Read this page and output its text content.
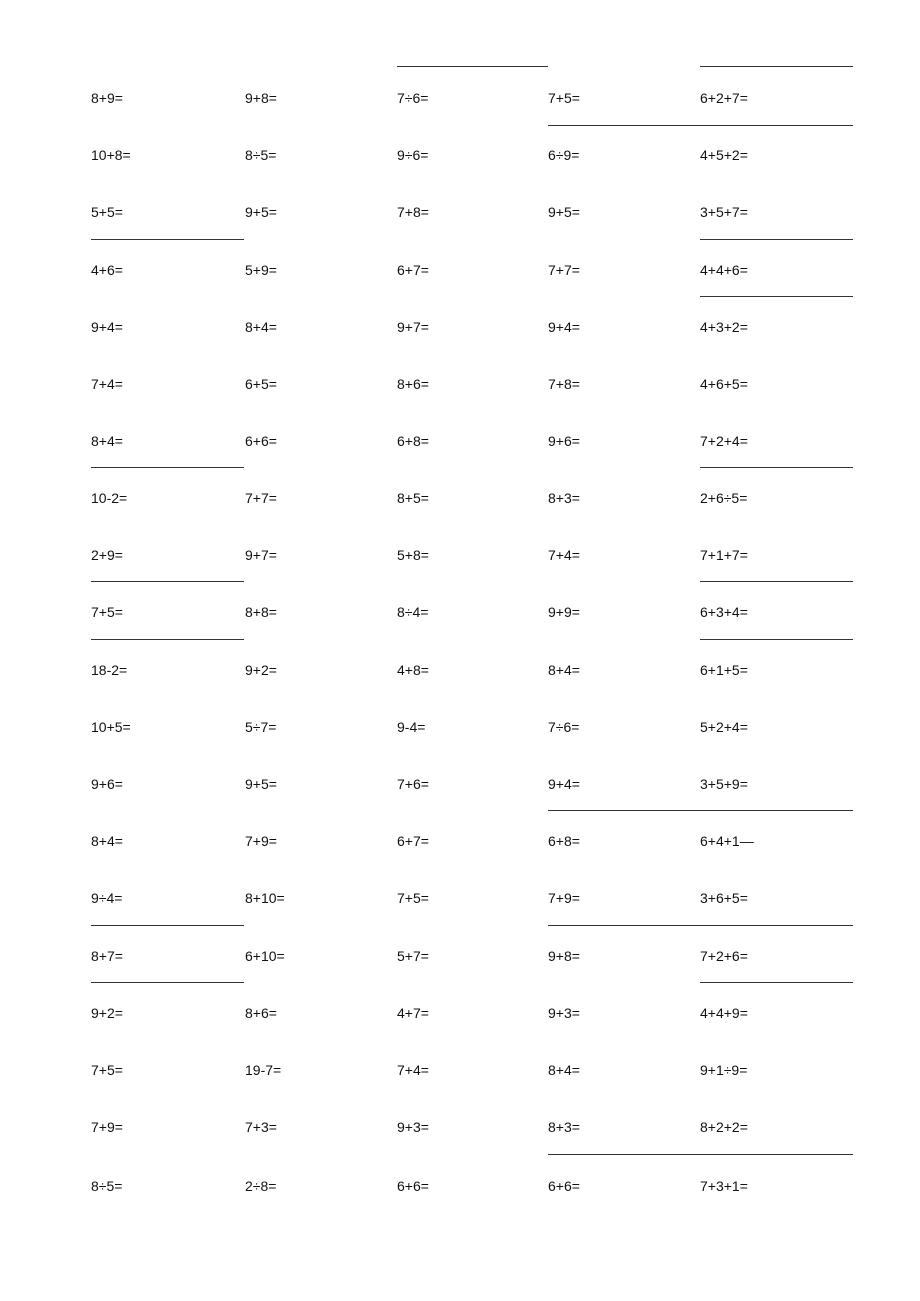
8+9=
10+8=
5+5=
4+6=
9+4=
7+4=
8+4=
10-2=
2+9=
7+5=
18-2=
10+5=
9+6=
8+4=
9÷4=
8+7=
9+2=
7+5=
7+9=
8÷5=
9+8=
8÷5=
9+5=
5+9=
8+4=
6+5=
6+6=
7+7=
9+7=
8+8=
9+2=
5÷7=
9+5=
7+9=
8+10=
6+10=
8+6=
19-7=
7+3=
2÷8=
7÷6=
9÷6=
7+8=
6+7=
9+7=
8+6=
6+8=
8+5=
5+8=
8÷4=
4+8=
9-4=
7+6=
6+7=
7+5=
5+7=
4+7=
7+4=
9+3=
6+6=
7+5=
6÷9=
9+5=
7+7=
9+4=
7+8=
9+6=
8+3=
7+4=
9+9=
8+4=
7÷6=
9+4=
6+8=
7+9=
9+8=
9+3=
8+4=
8+3=
6+6=
6+2+7=
4+5+2=
3+5+7=
4+4+6=
4+3+2=
4+6+5=
7+2+4=
2+6÷5=
7+1+7=
6+3+4=
6+1+5=
5+2+4=
3+5+9=
6+4+1—
3+6+5=
7+2+6=
4+4+9=
9+1÷9=
8+2+2=
7+3+1=
